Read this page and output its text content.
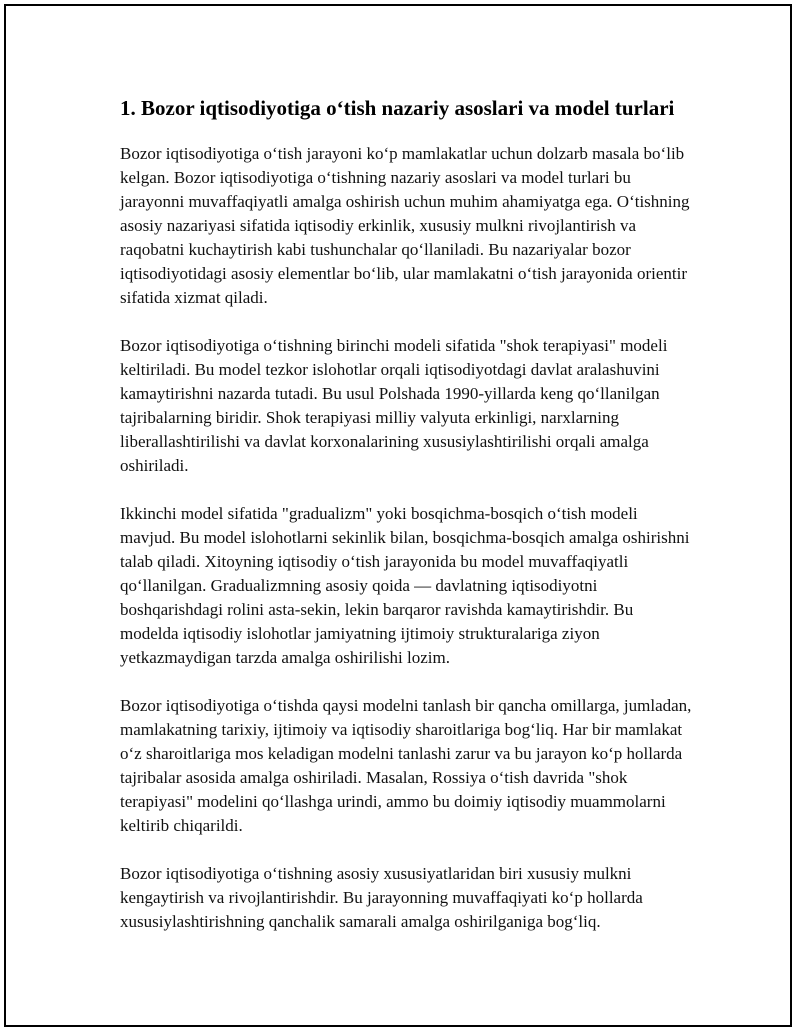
1. Bozor iqtisodiyotiga o‘tish nazariy asoslari va model turlari

Bozor iqtisodiyotiga o‘tish jarayoni ko‘p mamlakatlar uchun dolzarb masala bo‘lib kelgan. Bozor iqtisodiyotiga o‘tishning nazariy asoslari va model turlari bu jarayonni muvaffaqiyatli amalga oshirish uchun muhim ahamiyatga ega. O‘tishning asosiy nazariyasi sifatida iqtisodiy erkinlik, xususiy mulkni rivojlantirish va raqobatni kuchaytirish kabi tushunchalar qo‘llaniladi. Bu nazariyalar bozor iqtisodiyotidagi asosiy elementlar bo‘lib, ular mamlakatni o‘tish jarayonida orientir sifatida xizmat qiladi.

Bozor iqtisodiyotiga o‘tishning birinchi modeli sifatida "shok terapiyasi" modeli keltiriladi. Bu model tezkor islohotlar orqali iqtisodiyotdagi davlat aralashuvini kamaytirishni nazarda tutadi. Bu usul Polshada 1990-yillarda keng qo‘llanilgan tajribalarning biridir. Shok terapiyasi milliy valyuta erkinligi, narxlarning liberallashtirilishi va davlat korxonalarining xususiylashtirilishi orqali amalga oshiriladi.

Ikkinchi model sifatida "gradualizm" yoki bosqichma-bosqich o‘tish modeli mavjud. Bu model islohotlarni sekinlik bilan, bosqichma-bosqich amalga oshirishni talab qiladi. Xitoyning iqtisodiy o‘tish jarayonida bu model muvaffaqiyatli qo‘llanilgan. Gradualizmning asosiy qoida — davlatning iqtisodiyotni boshqarishdagi rolini asta-sekin, lekin barqaror ravishda kamaytirishdir. Bu modelda iqtisodiy islohotlar jamiyatning ijtimoiy strukturalariga ziyon yetkazmaydigan tarzda amalga oshirilishi lozim.

Bozor iqtisodiyotiga o‘tishda qaysi modelni tanlash bir qancha omillarga, jumladan, mamlakatning tarixiy, ijtimoiy va iqtisodiy sharoitlariga bog‘liq. Har bir mamlakat o‘z sharoitlariga mos keladigan modelni tanlashi zarur va bu jarayon ko‘p hollarda tajribalar asosida amalga oshiriladi. Masalan, Rossiya o‘tish davrida "shok terapiyasi" modelini qo‘llashga urindi, ammo bu doimiy iqtisodiy muammolarni keltirib chiqarildi.

Bozor iqtisodiyotiga o‘tishning asosiy xususiyatlaridan biri xususiy mulkni kengaytirish va rivojlantirishdir. Bu jarayonning muvaffaqiyati ko‘p hollarda xususiylashtirishning qanchalik samarali amalga oshirilganiga bog‘liq.
